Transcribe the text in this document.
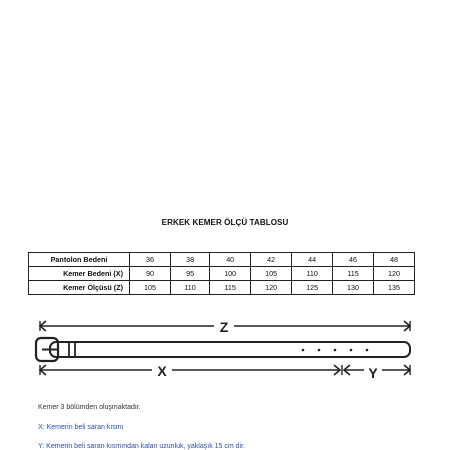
ERKEK KEMER ÖLÇÜ TABLOSU
Pantolon Bedeni	36	38	40	42	44	46	48
Kemer Bedeni (X)	90	95	100	105	110	115	120
Kemer Ölçüsü (Z)	105	110	115	120	125	130	135
Z
X	Y
Kemer 3 bölümden oluşmaktadır.
X: Kemerin beli saran kısmı
Y: Kemerin beli saran kısmından kalan uzunluk, yaklaşık 15 cm dir.
